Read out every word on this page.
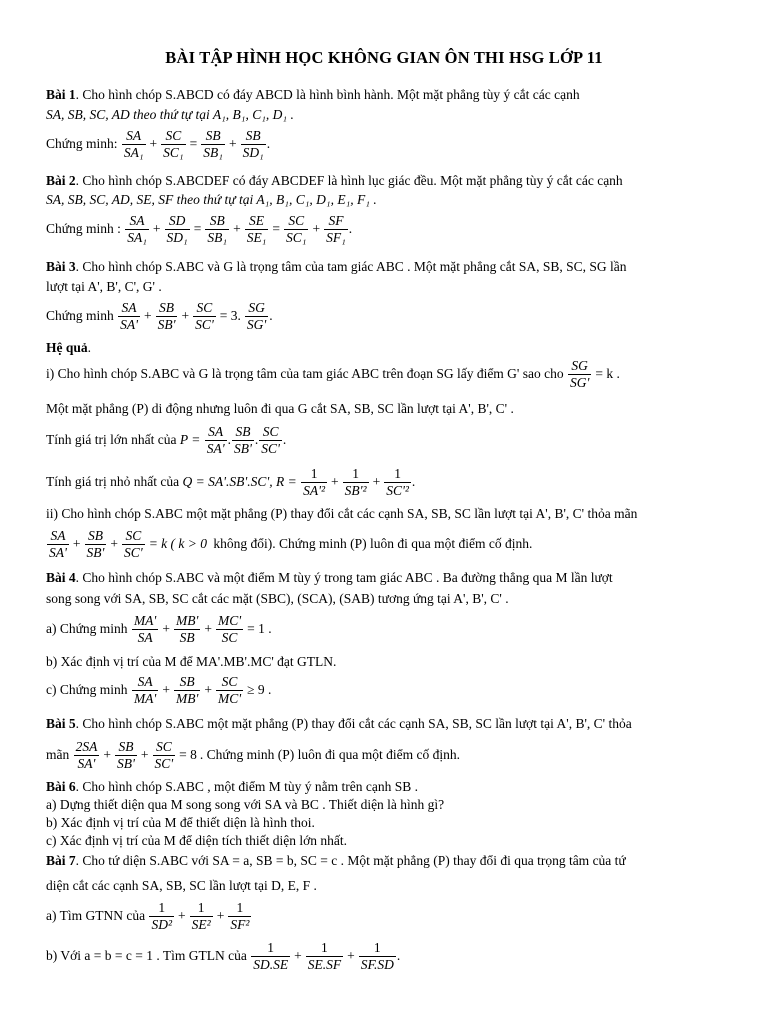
BÀI TẬP HÌNH HỌC KHÔNG GIAN ÔN THI HSG LỚP 11
Bài 1. Cho hình chóp S.ABCD có đáy ABCD là hình bình hành. Một mặt phẳng tùy ý cắt các cạnh
SA, SB, SC, AD theo thứ tự tại A₁, B₁, C₁, D₁ .
Chứng minh: $\frac{SA}{\text{SA₁}} + \frac{SC}{\text{SC₁}} = \frac{SB}{\text{SB₁}} + \frac{SB}{\text{SD₁}}$ .
Bài 2. Cho hình chóp S.ABCDEF có đáy ABCDEF là hình lục giác đều. Một mặt phẳng tùy ý cắt các cạnh
SA, SB, SC, AD, SE, SF theo thứ tự tại A₁, B₁, C₁, D₁, E₁, F₁ .
Chứng minh : $\frac{SA}{\text{SA₁}} + \frac{SD}{\text{SD₁}} = \frac{SB}{\text{SB₁}} + \frac{SE}{\text{SE₁}} = \frac{SC}{\text{SC₁}} + \frac{SF}{\text{SF₁}}$ .
Bài 3. Cho hình chóp S.ABC và G là trọng tâm của tam giác ABC . Một mặt phẳng cắt SA, SB, SC, SG lần
lượt tại A', B', C', G' .
Chứng minh $\frac{SA}{SA'} + \frac{SB}{SB'} + \frac{SC}{SC'} = 3$. $\frac{SG}{SG'}$ .
Hệ quả.
i) Cho hình chóp S.ABC và G là trọng tâm của tam giác ABC trên đoạn SG lấy điểm G' sao cho $\frac{SG}{SG'} = k$ .
Một mặt phẳng (P) di động nhưng luôn đi qua G cắt SA, SB, SC lần lượt tại A', B', C' .
Tính giá trị lớn nhất của $P = \frac{SA}{SA'}$ . $\frac{SB}{SB'}$ . $\frac{SC}{SC'}$ .
Tính giá trị nhỏ nhất của Q = SA'.SB'.SC', $R = \frac{1}{\text{SA'²}} + \frac{1}{\text{SB'²}} + \frac{1}{\text{SC'²}}$ .
ii) Cho hình chóp S.ABC một mặt phẳng (P) thay đổi cắt các cạnh SA, SB, SC lần lượt tại A', B', C' thỏa mãn
$\frac{SA}{SA'} + \frac{SB}{SB'} + \frac{SC}{SC'} = k$ ( k > 0 không đổi). Chứng minh (P) luôn đi qua một điểm cố định.
Bài 4. Cho hình chóp S.ABC và một điểm M tùy ý trong tam giác ABC . Ba đường thẳng qua M lần lượt
song song với SA, SB, SC cắt các mặt (SBC), (SCA), (SAB) tương ứng tại A', B', C' .
a) Chứng minh $\frac{MA'}{SA} + \frac{MB'}{SB} + \frac{MC'}{SC} = 1$ .
b) Xác định vị trí của M để MA'.MB'.MC' đạt GTLN.
c) Chứng minh $\frac{SA}{MA'} + \frac{SB}{MB'} + \frac{SC}{MC'} \ge 9$ .
Bài 5. Cho hình chóp S.ABC một mặt phẳng (P) thay đổi cắt các cạnh SA, SB, SC lần lượt tại A', B', C' thỏa
mãn $\frac{2SA}{SA'} + \frac{SB}{SB'} + \frac{SC}{SC'} = 8$ . Chứng minh (P) luôn đi qua một điểm cố định.
Bài 6. Cho hình chóp S.ABC , một điểm M tùy ý nằm trên cạnh SB .
a) Dựng thiết diện qua M song song với SA và BC . Thiết diện là hình gì?
b) Xác định vị trí của M để thiết diện là hình thoi.
c) Xác định vị trí của M để diện tích thiết diện lớn nhất.
Bài 7. Cho tứ diện S.ABC với SA = a, SB = b, SC = c . Một mặt phẳng (P) thay đổi đi qua trọng tâm của tứ
diện cắt các cạnh SA, SB, SC lần lượt tại D, E, F .
a) Tìm GTNN của $\frac{1}{\text{SD²}} + \frac{1}{\text{SE²}} + \frac{1}{\text{SF²}}$
b) Với a = b = c = 1 . Tìm GTLN của $\frac{1}{SD.SE} + \frac{1}{SE.SF} + \frac{1}{SF.SD}$ .
